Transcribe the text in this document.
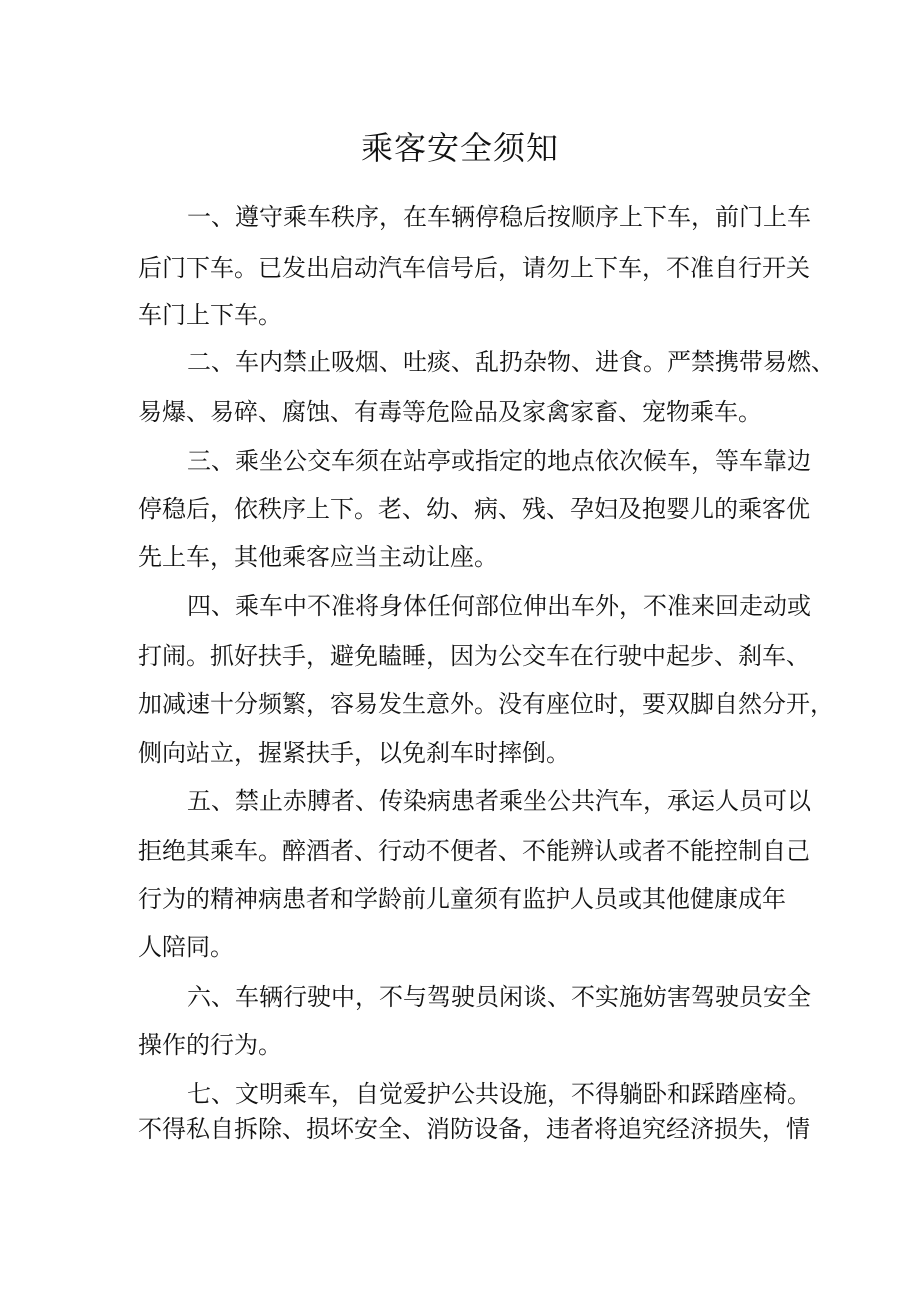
乘客安全须知

一、遵守乘车秩序，在车辆停稳后按顺序上下车，前门上车

后门下车。已发出启动汽车信号后，请勿上下车，不准自行开关

车门上下车。

二、车内禁止吸烟、吐痰、乱扔杂物、进食。严禁携带易燃、

易爆、易碎、腐蚀、有毒等危险品及家禽家畜、宠物乘车。

三、乘坐公交车须在站亭或指定的地点依次候车，等车靠边

停稳后，依秩序上下。老、幼、病、残、孕妇及抱婴儿的乘客优

先上车，其他乘客应当主动让座。

四、乘车中不准将身体任何部位伸出车外，不准来回走动或

打闹。抓好扶手，避免瞌睡，因为公交车在行驶中起步、刹车、

加减速十分频繁，容易发生意外。没有座位时，要双脚自然分开，

侧向站立，握紧扶手，以免刹车时摔倒。

五、禁止赤膊者、传染病患者乘坐公共汽车，承运人员可以

拒绝其乘车。醉酒者、行动不便者、不能辨认或者不能控制自己

行为的精神病患者和学龄前儿童须有监护人员或其他健康成年

人陪同。

六、车辆行驶中，不与驾驶员闲谈、不实施妨害驾驶员安全

操作的行为。

七、文明乘车，自觉爱护公共设施，不得躺卧和踩踏座椅。

不得私自拆除、损坏安全、消防设备，违者将追究经济损失，情
